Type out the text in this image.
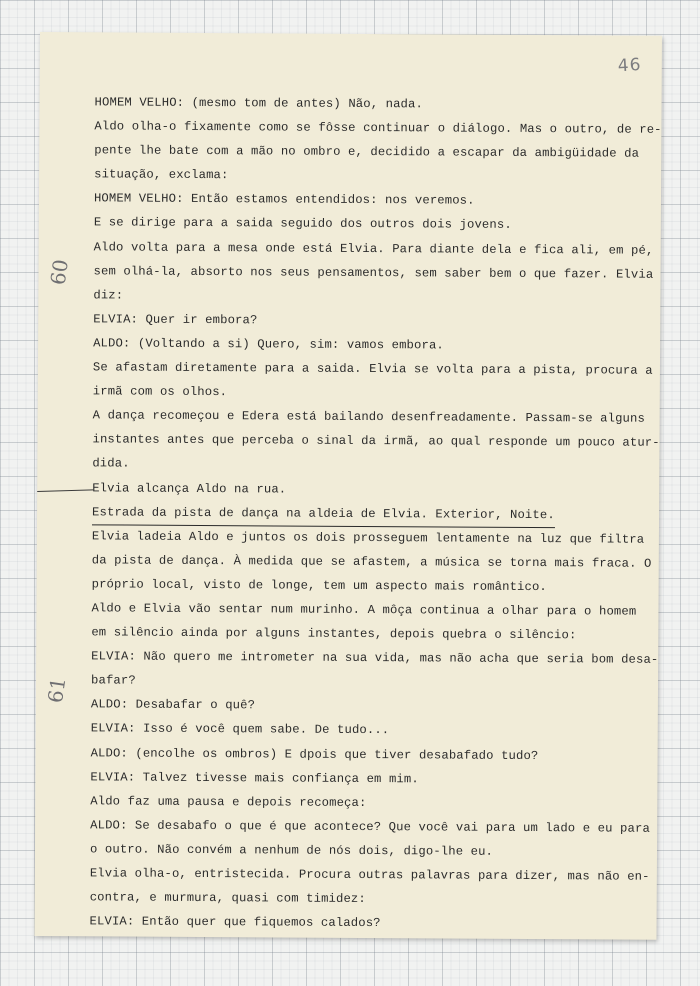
46
60
61
HOMEM VELHO: (mesmo tom de antes) Não, nada.
Aldo olha-o fixamente como se fôsse continuar o diálogo. Mas o outro, de re-
pente lhe bate com a mão no ombro e, decidido a escapar da ambigüidade da
situação, exclama:
HOMEM VELHO: Então estamos entendidos: nos veremos.
E se dirige para a saida seguido dos outros dois jovens.
Aldo volta para a mesa onde está Elvia. Para diante dela e fica ali, em pé,
sem olhá-la, absorto nos seus pensamentos, sem saber bem o que fazer. Elvia
diz:
ELVIA: Quer ir embora?
ALDO: (Voltando a si) Quero, sim: vamos embora.
Se afastam diretamente para a saida. Elvia se volta para a pista, procura a
irmã com os olhos.
A dança recomeçou e Edera está bailando desenfreadamente. Passam-se alguns
instantes antes que perceba o sinal da irmã, ao qual responde um pouco atur-
dida.
Elvia alcança Aldo na rua.
Estrada da pista de dança na aldeia de Elvia. Exterior, Noite.
Elvia ladeia Aldo e juntos os dois prosseguem lentamente na luz que filtra
da pista de dança. À medida que se afastem, a música se torna mais fraca. O
próprio local, visto de longe, tem um aspecto mais romântico.
Aldo e Elvia vão sentar num murinho. A môça continua a olhar para o homem
em silêncio ainda por alguns instantes, depois quebra o silêncio:
ELVIA: Não quero me intrometer na sua vida, mas não acha que seria bom desa-
bafar?
ALDO: Desabafar o quê?
ELVIA: Isso é você quem sabe. De tudo...
ALDO: (encolhe os ombros) E dpois que tiver desabafado tudo?
ELVIA: Talvez tivesse mais confiança em mim.
Aldo faz uma pausa e depois recomeça:
ALDO: Se desabafo o que é que acontece? Que você vai para um lado e eu para
o outro. Não convém a nenhum de nós dois, digo-lhe eu.
Elvia olha-o, entristecida. Procura outras palavras para dizer, mas não en-
contra, e murmura, quasi com timidez:
ELVIA: Então quer que fiquemos calados?
